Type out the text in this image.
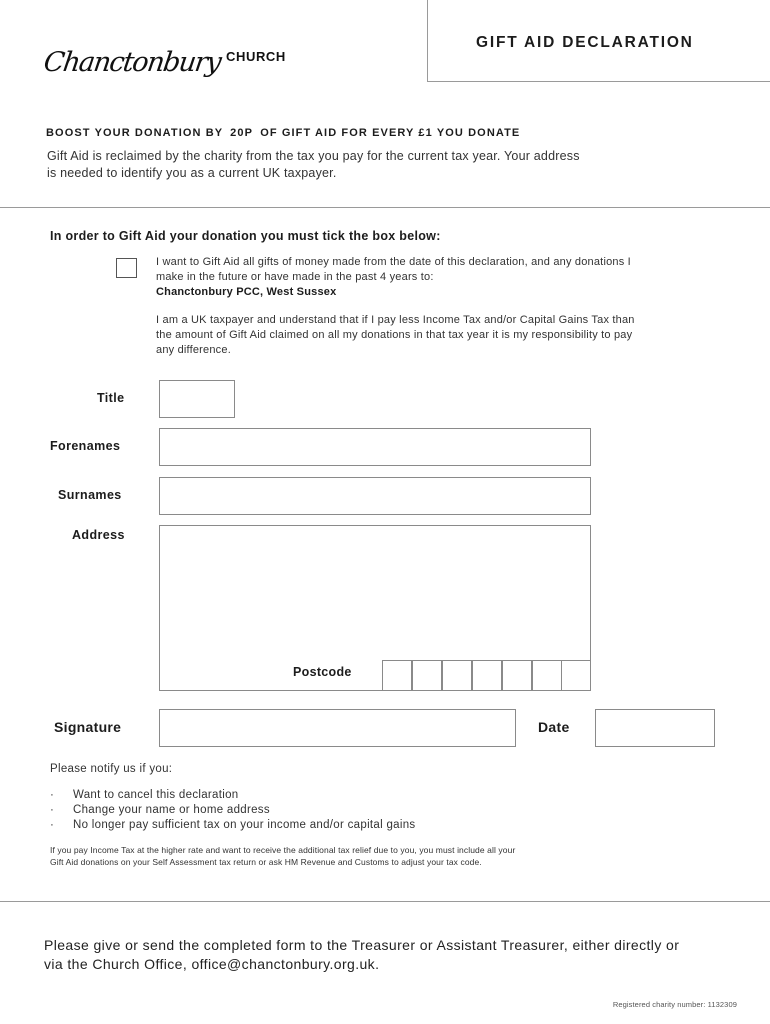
Chanctonbury CHURCH
GIFT AID DECLARATION
BOOST YOUR DONATION BY 20P OF GIFT AID FOR EVERY £1 YOU DONATE

Gift Aid is reclaimed by the charity from the tax you pay for the current tax year. Your address is needed to identify you as a current UK taxpayer.

In order to Gift Aid your donation you must tick the box below:
I want to Gift Aid all gifts of money made from the date of this declaration, and any donations I make in the future or have made in the past 4 years to:
Chanctonbury PCC, West Sussex
I am a UK taxpayer and understand that if I pay less Income Tax and/or Capital Gains Tax than the amount of Gift Aid claimed on all my donations in that tax year it is my responsibility to pay any difference.
Title
Forenames
Surnames
Address
Postcode
Signature	Date
Please notify us if you:
· Want to cancel this declaration
· Change your name or home address
· No longer pay sufficient tax on your income and/or capital gains

If you pay Income Tax at the higher rate and want to receive the additional tax relief due to you, you must include all your Gift Aid donations on your Self Assessment tax return or ask HM Revenue and Customs to adjust your tax code.

Please give or send the completed form to the Treasurer or Assistant Treasurer, either directly or via the Church Office, office@chanctonbury.org.uk.

Registered charity number: 1132309
